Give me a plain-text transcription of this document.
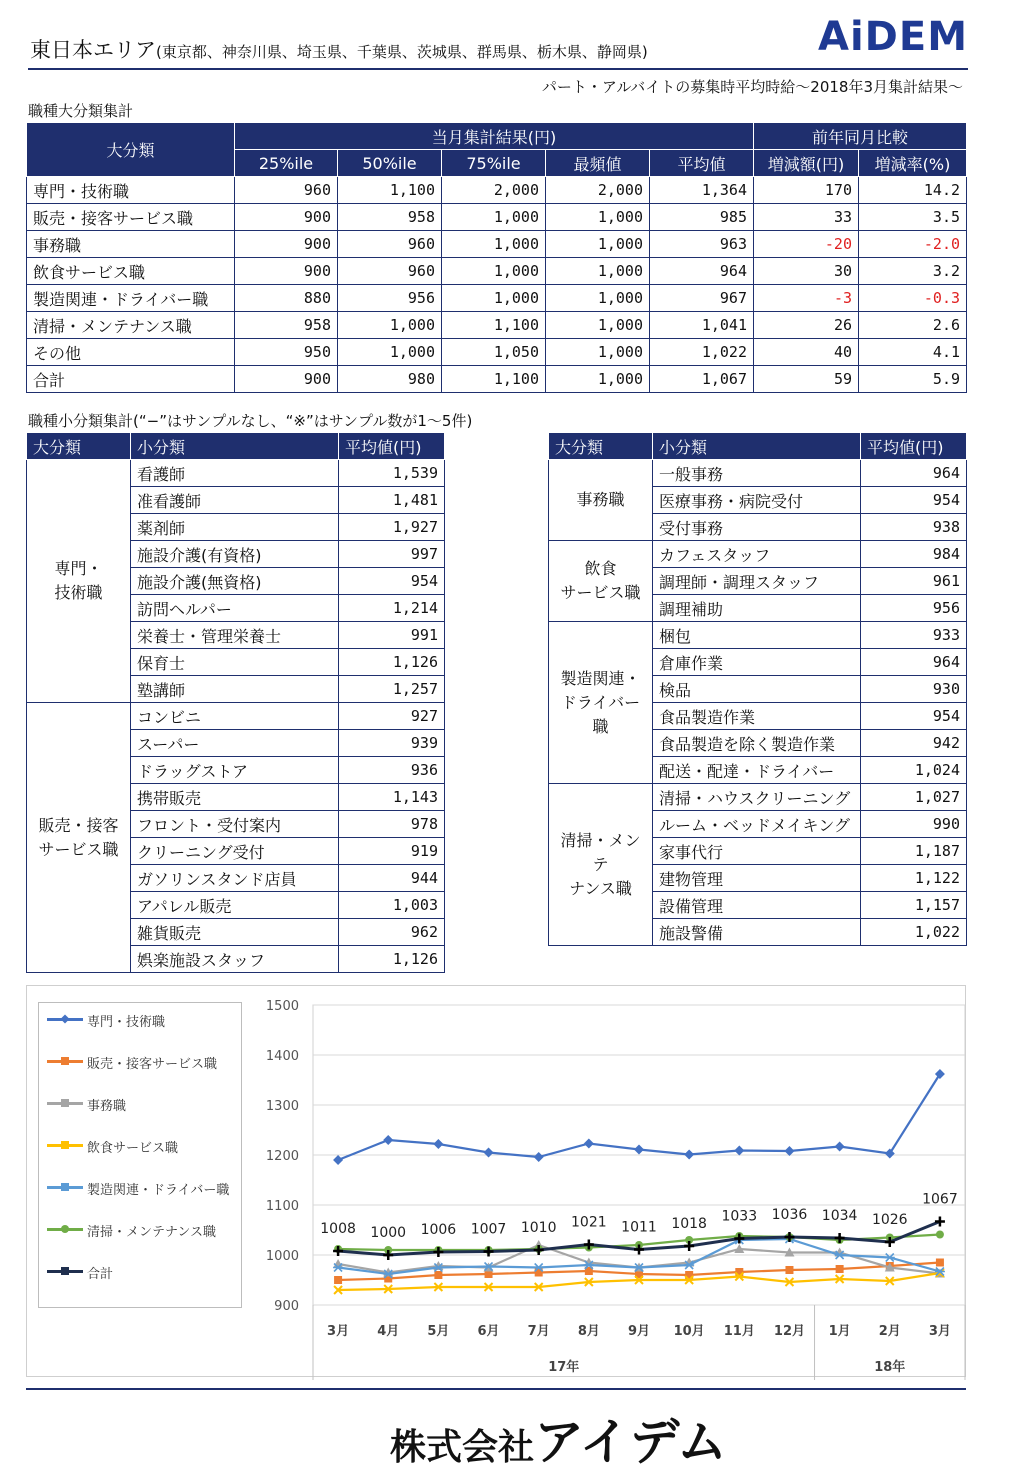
東日本エリア(東京都、神奈川県、埼玉県、千葉県、茨城県、群馬県、栃木県、静岡県)	AiDEM
パート・アルバイトの募集時平均時給〜2018年3月集計結果〜
職種大分類集計
大分類	当月集計結果(円)					前年同月比較	
	25%ile	50%ile	75%ile	最頻値	平均値	増減額(円)	増減率(%)
専門・技術職	960	1,100	2,000	2,000	1,364	170	14.2
販売・接客サービス職	900	958	1,000	1,000	985	33	3.5
事務職	900	960	1,000	1,000	963	-20	-2.0
飲食サービス職	900	960	1,000	1,000	964	30	3.2
製造関連・ドライバー職	880	956	1,000	1,000	967	-3	-0.3
清掃・メンテナンス職	958	1,000	1,100	1,000	1,041	26	2.6
その他	950	1,000	1,050	1,000	1,022	40	4.1
合計	900	980	1,100	1,000	1,067	59	5.9
職種小分類集計(“−”はサンプルなし、“※”はサンプル数が1〜5件)
大分類	小分類	平均値(円)
専門・
技術職	看護師	1,539
	准看護師	1,481
	薬剤師	1,927
	施設介護(有資格)	997
	施設介護(無資格)	954
	訪問ヘルパー	1,214
	栄養士・管理栄養士	991
	保育士	1,126
	塾講師	1,257
販売・接客
サービス職	コンビニ	927
	スーパー	939
	ドラッグストア	936
	携帯販売	1,143
	フロント・受付案内	978
	クリーニング受付	919
	ガソリンスタンド店員	944
	アパレル販売	1,003
	雑貨販売	962
	娯楽施設スタッフ	1,126
大分類	小分類	平均値(円)
事務職	一般事務	964
	医療事務・病院受付	954
	受付事務	938
飲食
サービス職	カフェスタッフ	984
	調理師・調理スタッフ	961
	調理補助	956
製造関連・
ドライバー職	梱包	933
	倉庫作業	964
	検品	930
	食品製造作業	954
	食品製造を除く製造作業	942
	配送・配達・ドライバー	1,024
清掃・メンテ
ナンス職	清掃・ハウスクリーニング	1,027
	ルーム・ベッドメイキング	990
	家事代行	1,187
	建物管理	1,122
	設備管理	1,157
	施設警備	1,022
専門・技術職
販売・接客サービス職
事務職
飲食サービス職
製造関連・ドライバー職
清掃・メンテナンス職
合計
900
1000
1100
1200
1300
1400
1500
3月 4月 5月 6月 7月 8月 9月 10月 11月 12月 1月 2月 3月
17年	18年
1008 1000 1006 1007 1010 1021 1011 1018 1033 1036 1034 1026
1067
株式会社アイデム
